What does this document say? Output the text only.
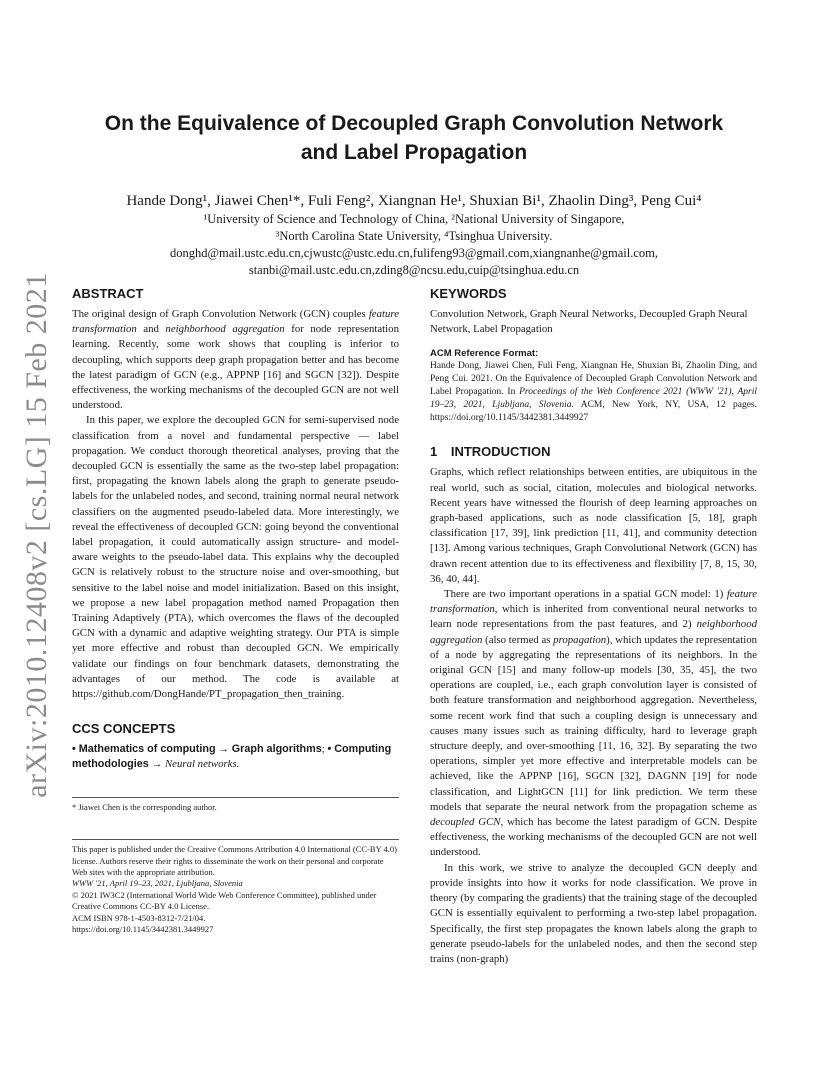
arXiv:2010.12408v2 [cs.LG] 15 Feb 2021
On the Equivalence of Decoupled Graph Convolution Network
and Label Propagation

Hande Dong¹, Jiawei Chen¹*, Fuli Feng², Xiangnan He¹, Shuxian Bi¹, Zhaolin Ding³, Peng Cui⁴

¹University of Science and Technology of China, ²National University of Singapore,

³North Carolina State University, ⁴Tsinghua University.

donghd@mail.ustc.edu.cn,cjwustc@ustc.edu.cn,fulifeng93@gmail.com,xiangnanhe@gmail.com,

stanbi@mail.ustc.edu.cn,zding8@ncsu.edu,cuip@tsinghua.edu.cn

ABSTRACT

The original design of Graph Convolution Network (GCN) couples feature transformation and neighborhood aggregation for node representation learning. Recently, some work shows that coupling is inferior to decoupling, which supports deep graph propagation better and has become the latest paradigm of GCN (e.g., APPNP [16] and SGCN [32]). Despite effectiveness, the working mechanisms of the decoupled GCN are not well understood.

In this paper, we explore the decoupled GCN for semi-supervised node classification from a novel and fundamental perspective — label propagation. We conduct thorough theoretical analyses, proving that the decoupled GCN is essentially the same as the two-step label propagation: first, propagating the known labels along the graph to generate pseudo-labels for the unlabeled nodes, and second, training normal neural network classifiers on the augmented pseudo-labeled data. More interestingly, we reveal the effectiveness of decoupled GCN: going beyond the conventional label propagation, it could automatically assign structure- and model- aware weights to the pseudo-label data. This explains why the decoupled GCN is relatively robust to the structure noise and over-smoothing, but sensitive to the label noise and model initialization. Based on this insight, we propose a new label propagation method named Propagation then Training Adaptively (PTA), which overcomes the flaws of the decoupled GCN with a dynamic and adaptive weighting strategy. Our PTA is simple yet more effective and robust than decoupled GCN. We empirically validate our findings on four benchmark datasets, demonstrating the advantages of our method. The code is available at https://github.com/DongHande/PT_propagation_then_training.

CCS CONCEPTS

• Mathematics of computing → Graph algorithms; • Computing methodologies → Neural networks.

* Jiawei Chen is the corresponding author.

This paper is published under the Creative Commons Attribution 4.0 International (CC-BY 4.0) license. Authors reserve their rights to disseminate the work on their personal and corporate Web sites with the appropriate attribution.

WWW '21, April 19–23, 2021, Ljubljana, Slovenia

© 2021 IW3C2 (International World Wide Web Conference Committee), published under Creative Commons CC-BY 4.0 License.

ACM ISBN 978-1-4503-8312-7/21/04.

https://doi.org/10.1145/3442381.3449927

KEYWORDS

Convolution Network, Graph Neural Networks, Decoupled Graph Neural Network, Label Propagation

ACM Reference Format:

Hande Dong, Jiawei Chen, Fuli Feng, Xiangnan He, Shuxian Bi, Zhaolin Ding, and Peng Cui. 2021. On the Equivalence of Decoupled Graph Convolution Network and Label Propagation. In Proceedings of the Web Conference 2021 (WWW '21), April 19–23, 2021, Ljubljana, Slovenia. ACM, New York, NY, USA, 12 pages. https://doi.org/10.1145/3442381.3449927

1 INTRODUCTION

Graphs, which reflect relationships between entities, are ubiquitous in the real world, such as social, citation, molecules and biological networks. Recent years have witnessed the flourish of deep learning approaches on graph-based applications, such as node classification [5, 18], graph classification [17, 39], link prediction [11, 41], and community detection [13]. Among various techniques, Graph Convolutional Network (GCN) has drawn recent attention due to its effectiveness and flexibility [7, 8, 15, 30, 36, 40, 44].

There are two important operations in a spatial GCN model: 1) feature transformation, which is inherited from conventional neural networks to learn node representations from the past features, and 2) neighborhood aggregation (also termed as propagation), which updates the representation of a node by aggregating the representations of its neighbors. In the original GCN [15] and many follow-up models [30, 35, 45], the two operations are coupled, i.e., each graph convolution layer is consisted of both feature transformation and neighborhood aggregation. Nevertheless, some recent work find that such a coupling design is unnecessary and causes many issues such as training difficulty, hard to leverage graph structure deeply, and over-smoothing [11, 16, 32]. By separating the two operations, simpler yet more effective and interpretable models can be achieved, like the APPNP [16], SGCN [32], DAGNN [19] for node classification, and LightGCN [11] for link prediction. We term these models that separate the neural network from the propagation scheme as decoupled GCN, which has become the latest paradigm of GCN. Despite effectiveness, the working mechanisms of the decoupled GCN are not well understood.

In this work, we strive to analyze the decoupled GCN deeply and provide insights into how it works for node classification. We prove in theory (by comparing the gradients) that the training stage of the decoupled GCN is essentially equivalent to performing a two-step label propagation. Specifically, the first step propagates the known labels along the graph to generate pseudo-labels for the unlabeled nodes, and then the second step trains (non-graph)
